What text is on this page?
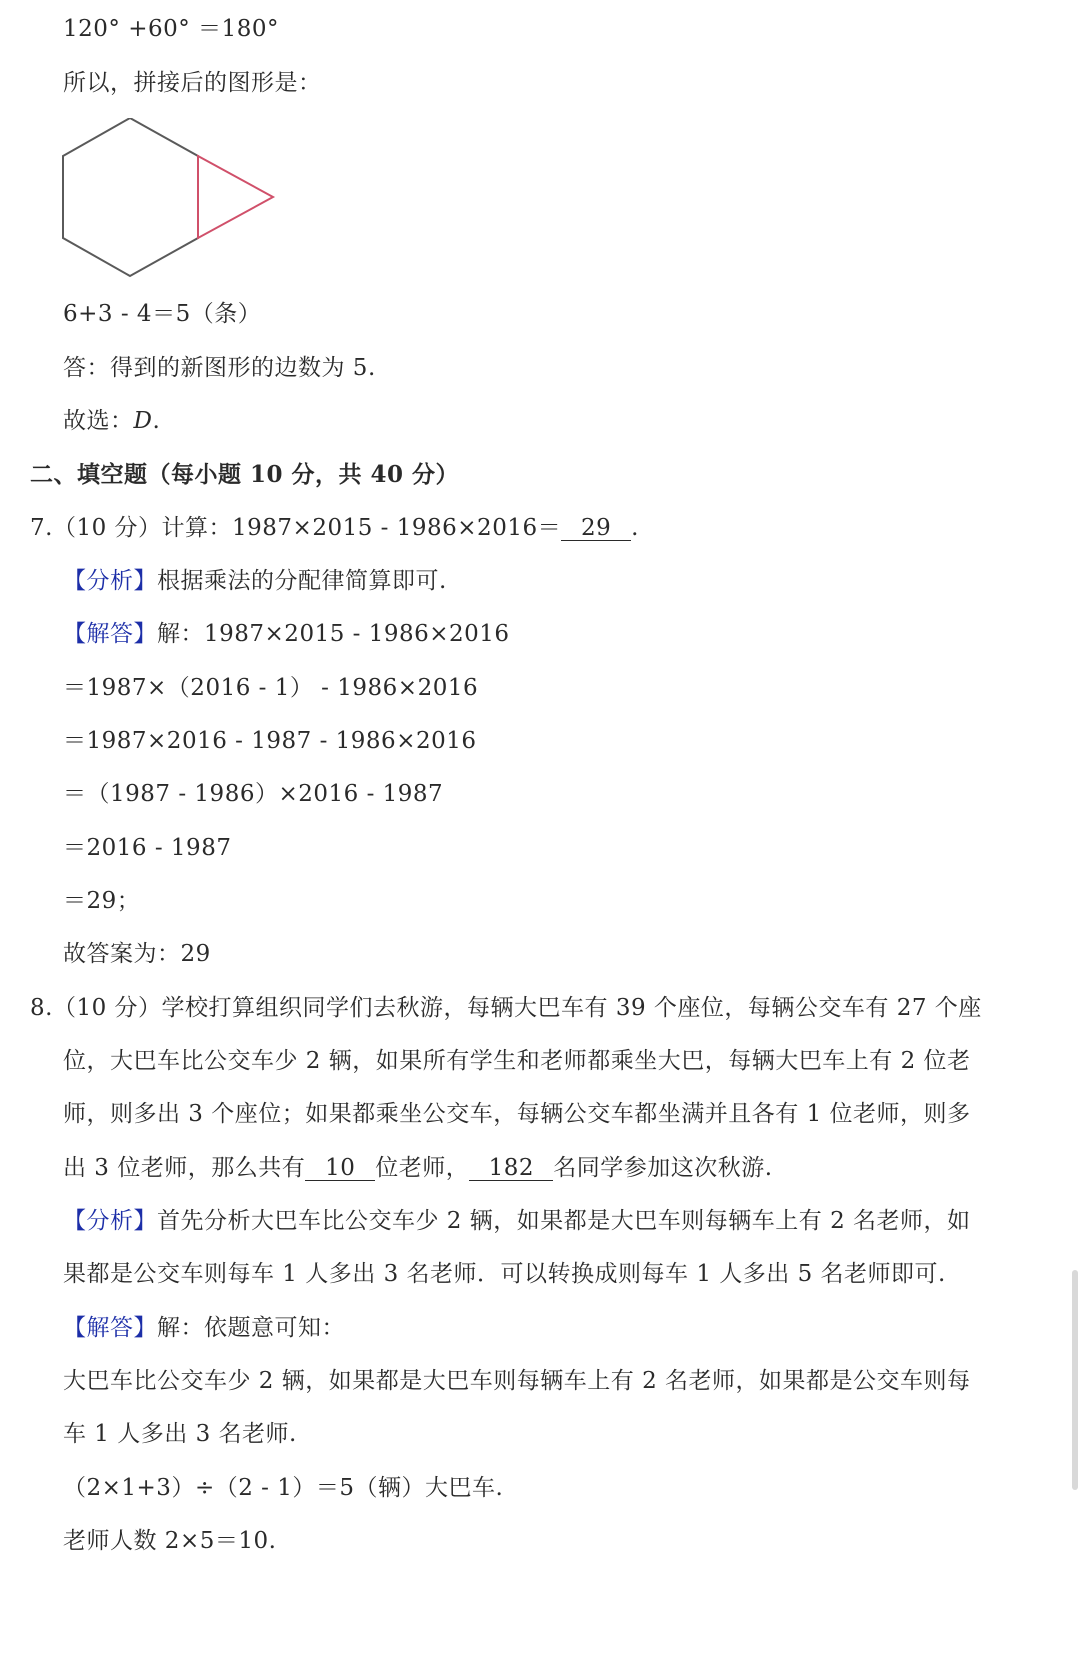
120° +60° ＝180°
所以，拼接后的图形是：
6+3 - 4＝5（条）
答：得到的新图形的边数为 5.
故选：D.
二、填空题（每小题 10 分，共 40 分）
7.（10 分）计算：1987×2015 - 1986×2016＝ 29 .
【分析】根据乘法的分配律简算即可.
【解答】解：1987×2015 - 1986×2016
＝1987×（2016 - 1） - 1986×2016
＝1987×2016 - 1987 - 1986×2016
＝（1987 - 1986）×2016 - 1987
＝2016 - 1987
＝29；
故答案为：29
8.（10 分）学校打算组织同学们去秋游，每辆大巴车有 39 个座位，每辆公交车有 27 个座
位，大巴车比公交车少 2 辆，如果所有学生和老师都乘坐大巴，每辆大巴车上有 2 位老
师，则多出 3 个座位；如果都乘坐公交车，每辆公交车都坐满并且各有 1 位老师，则多
出 3 位老师，那么共有 10 位老师， 182 名同学参加这次秋游.
【分析】首先分析大巴车比公交车少 2 辆，如果都是大巴车则每辆车上有 2 名老师，如
果都是公交车则每车 1 人多出 3 名老师．可以转换成则每车 1 人多出 5 名老师即可.
【解答】解：依题意可知：
大巴车比公交车少 2 辆，如果都是大巴车则每辆车上有 2 名老师，如果都是公交车则每
车 1 人多出 3 名老师.
（2×1+3）÷（2 - 1）＝5（辆）大巴车.
老师人数 2×5＝10.
